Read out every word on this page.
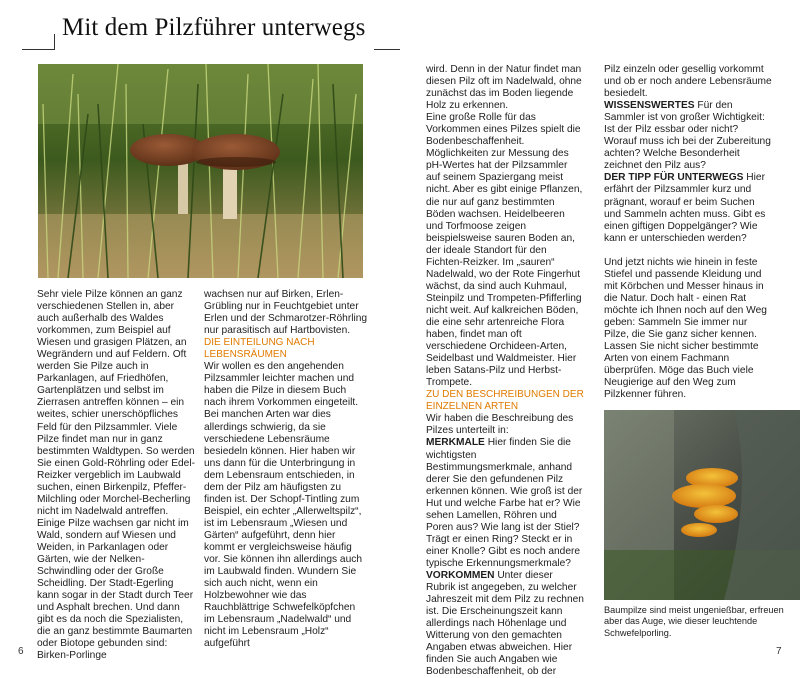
Mit dem Pilzführer unterwegs

Sehr viele Pilze können an ganz verschiedenen Stellen in, aber auch außerhalb des Waldes vorkommen, zum Beispiel auf Wiesen und grasigen Plätzen, an Wegrändern und auf Feldern. Oft werden Sie Pilze auch in Parkanlagen, auf Friedhöfen, Gartenplätzen und selbst im Zierrasen antreffen können – ein weites, schier unerschöpfliches Feld für den Pilzsammler. Viele Pilze findet man nur in ganz bestimmten Waldtypen. So werden Sie einen Gold-Röhrling oder Edel-Reizker vergeblich im Laubwald suchen, einen Birkenpilz, Pfeffer-Milchling oder Morchel-Becherling nicht im Nadelwald antreffen. Einige Pilze wachsen gar nicht im Wald, sondern auf Wiesen und Weiden, in Parkanlagen oder Gärten, wie der Nelken-Schwindling oder der Große Scheidling. Der Stadt-Egerling kann sogar in der Stadt durch Teer und Asphalt brechen. Und dann gibt es da noch die Spezialisten, die an ganz bestimmte Baumarten oder Biotope gebunden sind: Birken-Porlinge

wachsen nur auf Birken, Erlen-Grübling nur in Feuchtgebiet unter Erlen und der Schmarotzer-Röhrling nur parasitisch auf Hartbovisten.

DIE EINTEILUNG NACH LEBENSRÄUMEN

Wir wollen es den angehenden Pilzsammler leichter machen und haben die Pilze in diesem Buch nach ihrem Vorkommen eingeteilt. Bei manchen Arten war dies allerdings schwierig, da sie verschiedene Lebensräume besiedeln können. Hier haben wir uns dann für die Unterbringung in dem Lebensraum entschieden, in dem der Pilz am häufigsten zu finden ist. Der Schopf-Tintling zum Beispiel, ein echter „Allerweltspilz“, ist im Lebensraum „Wiesen und Gärten“ aufgeführt, denn hier kommt er vergleichsweise häufig vor. Sie können ihn allerdings auch im Laubwald finden. Wundern Sie sich auch nicht, wenn ein Holzbewohner wie das Rauchblättrige Schwefelköpfchen im Lebensraum „Nadelwald“ und nicht im Lebensraum „Holz“ aufgeführt

6

wird. Denn in der Natur findet man diesen Pilz oft im Nadelwald, ohne zunächst das im Boden liegende Holz zu erkennen.

Eine große Rolle für das Vorkommen eines Pilzes spielt die Bodenbeschaffenheit. Möglichkeiten zur Messung des pH-Wertes hat der Pilzsammler auf seinem Spaziergang meist nicht. Aber es gibt einige Pflanzen, die nur auf ganz bestimmten Böden wachsen. Heidelbeeren und Torfmoose zeigen beispielsweise sauren Boden an, der ideale Standort für den Fichten-Reizker. Im „sauren“ Nadelwald, wo der Rote Fingerhut wächst, da sind auch Kuhmaul, Steinpilz und Trompeten-Pfifferling nicht weit. Auf kalkreichen Böden, die eine sehr artenreiche Flora haben, findet man oft verschiedene Orchideen-Arten, Seidelbast und Waldmeister. Hier leben Satans-Pilz und Herbst-Trompete.

ZU DEN BESCHREIBUNGEN DER EINZELNEN ARTEN

Wir haben die Beschreibung des Pilzes unterteilt in:

MERKMALE Hier finden Sie die wichtigsten Bestimmungsmerkmale, anhand derer Sie den gefundenen Pilz erkennen können. Wie groß ist der Hut und welche Farbe hat er? Wie sehen Lamellen, Röhren und Poren aus? Wie lang ist der Stiel? Trägt er einen Ring? Steckt er in einer Knolle? Gibt es noch andere typische Erkennungsmerkmale?

VORKOMMEN Unter dieser Rubrik ist angegeben, zu welcher Jahreszeit mit dem Pilz zu rechnen ist. Die Erscheinungszeit kann allerdings nach Höhenlage und Witterung von den gemachten Angaben etwas abweichen. Hier finden Sie auch Angaben wie Bodenbeschaffenheit, ob der

Pilz einzeln oder gesellig vorkommt und ob er noch andere Lebensräume besiedelt.

WISSENSWERTES Für den Sammler ist von großer Wichtigkeit: Ist der Pilz essbar oder nicht? Worauf muss ich bei der Zubereitung achten? Welche Besonderheit zeichnet den Pilz aus?

DER TIPP FÜR UNTERWEGS Hier erfährt der Pilzsammler kurz und prägnant, worauf er beim Suchen und Sammeln achten muss. Gibt es einen giftigen Doppelgänger? Wie kann er unterschieden werden?

Und jetzt nichts wie hinein in feste Stiefel und passende Kleidung und mit Körbchen und Messer hinaus in die Natur. Doch halt - einen Rat möchte ich Ihnen noch auf den Weg geben: Sammeln Sie immer nur Pilze, die Sie ganz sicher kennen. Lassen Sie nicht sicher bestimmte Arten von einem Fachmann überprüfen. Möge das Buch viele Neugierige auf den Weg zum Pilzkenner führen.

Baumpilze sind meist ungenießbar, erfreuen aber das Auge, wie dieser leuchtende Schwefelporling.
7
